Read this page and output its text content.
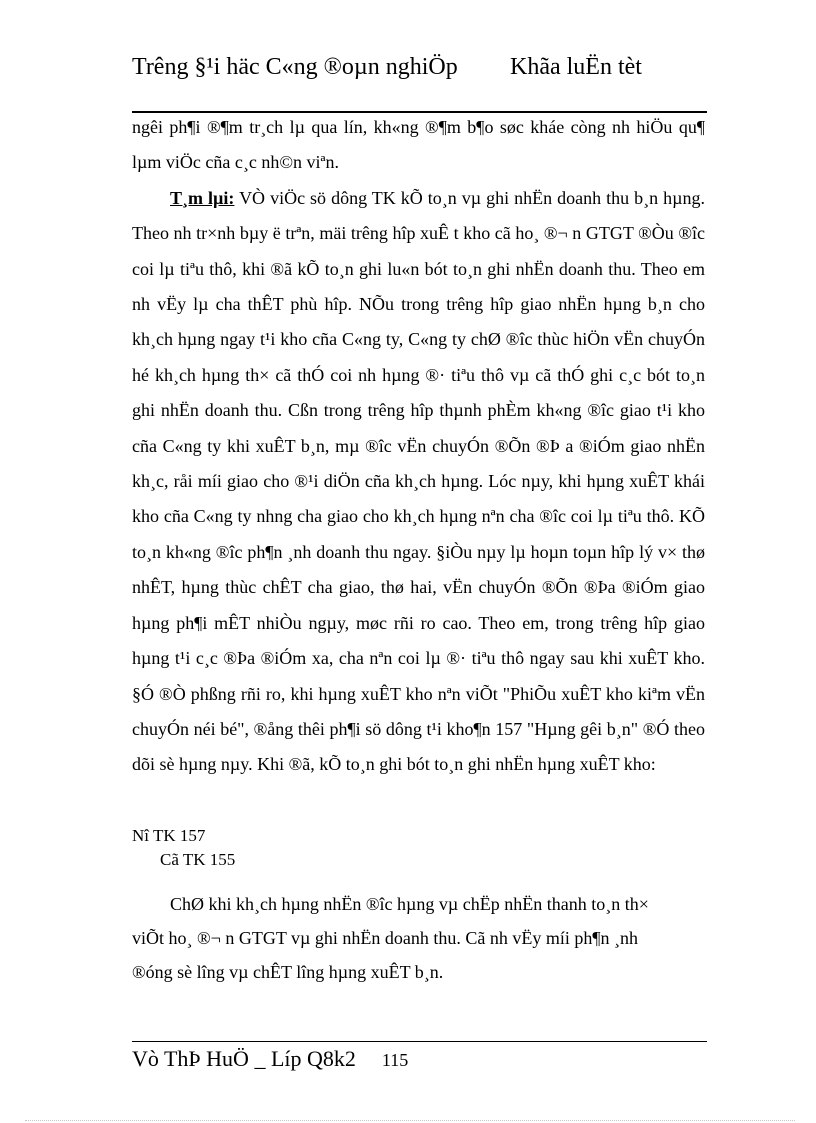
Trêng §¹i häc C«ng ®oµn nghiÖp	Khãa luËn tèt

ngêi ph¶i ®¶m tr¸ch lµ qua lín, kh«ng ®¶m b¶o søc kháe còng nh hiÖu qu¶ lµm viÖc cña c¸c nh©n viªn.

T¸m lµi: VÒ viÖc sö dông TK kÕ to¸n vµ ghi nhËn doanh thu b¸n hµng. Theo nh tr×nh bµy ë trªn, mäi trêng hîp xuÊ t kho cã ho¸ ®¬ n GTGT ®Òu ®îc coi lµ tiªu thô, khi ®ã kÕ to¸n ghi lu«n bót to¸n ghi nhËn doanh thu. Theo em nh vËy lµ cha thÊT phù hîp. NÕu trong trêng hîp giao nhËn hµng b¸n cho kh¸ch hµng ngay t¹i kho cña C«ng ty, C«ng ty chØ ®îc thùc hiÖn vËn chuyÓn hé kh¸ch hµng th× cã thÓ coi nh hµng ®· tiªu thô vµ cã thÓ ghi c¸c bót to¸n ghi nhËn doanh thu. Cßn trong trêng hîp thµnh phÈm kh«ng ®îc giao t¹i kho cña C«ng ty khi xuÊT b¸n, mµ ®îc vËn chuyÓn ®Õn ®Þ a ®iÓm giao nhËn kh¸c, råi míi giao cho ®¹i diÖn cña kh¸ch hµng. Lóc nµy, khi hµng xuÊT khái kho cña C«ng ty nhng cha giao cho kh¸ch hµng nªn cha ®îc coi lµ tiªu thô. KÕ to¸n kh«ng ®îc ph¶n ¸nh doanh thu ngay. §iÒu nµy lµ hoµn toµn hîp lý v× thø nhÊT, hµng thùc chÊT cha giao, thø hai, vËn chuyÓn ®Õn ®Þa ®iÓm giao hµng ph¶i mÊT nhiÒu ngµy, møc rñi ro cao. Theo em, trong trêng hîp giao hµng t¹i c¸c ®Þa ®iÓm xa, cha nªn coi lµ ®· tiªu thô ngay sau khi xuÊT kho. §Ó ®Ò phßng rñi ro, khi hµng xuÊT kho nªn viÕt "PhiÕu xuÊT kho kiªm vËn chuyÓn néi bé", ®ång thêi ph¶i sö dông t¹i kho¶n 157 "Hµng gêi b¸n" ®Ó theo dõi sè hµng nµy. Khi ®ã, kÕ to¸n ghi bót to¸n ghi nhËn hµng xuÊT kho:

Nî TK 157
Cã TK 155

ChØ khi kh¸ch hµng nhËn ®îc hµng vµ chËp nhËn thanh to¸n th× viÕt ho¸ ®¬ n GTGT vµ ghi nhËn doanh thu. Cã nh vËy míi ph¶n ¸nh ®óng sè lîng vµ chÊT lîng hµng xuÊT b¸n.

Vò ThÞ HuÖ _ Líp Q8k2 115
